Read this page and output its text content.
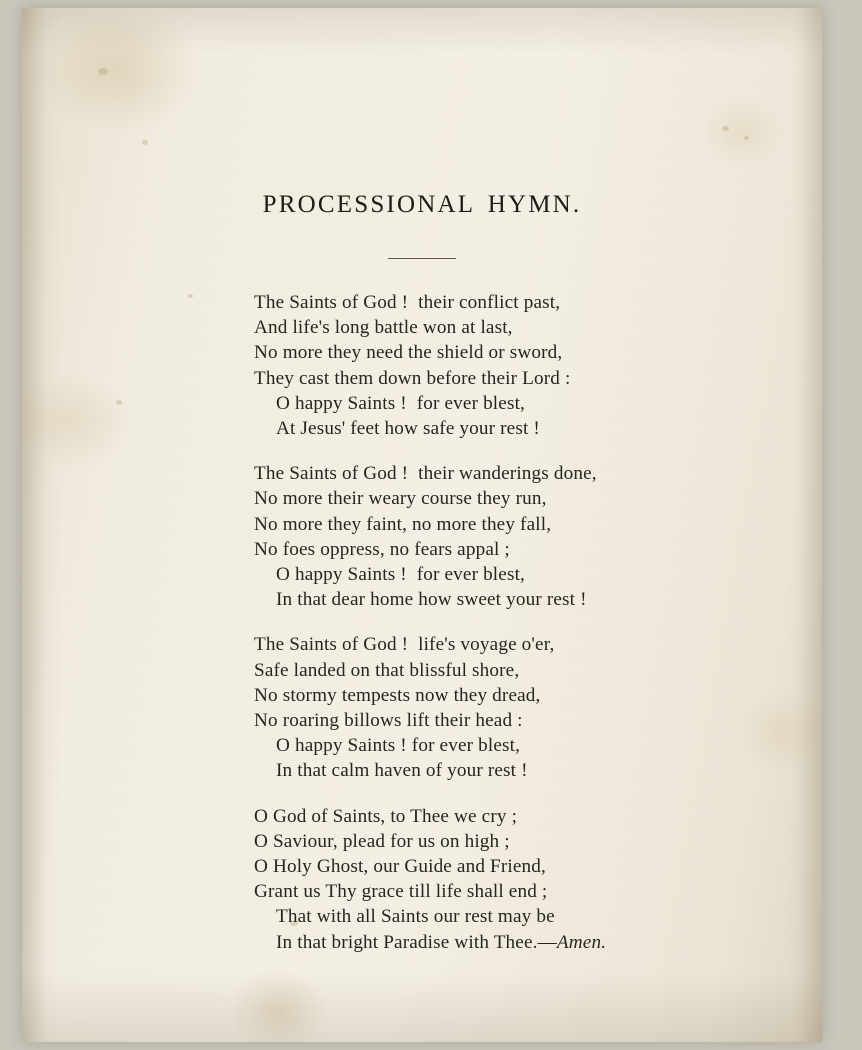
PROCESSIONAL HYMN.
The Saints of God !  their conflict past,
And life's long battle won at last,
No more they need the shield or sword,
They cast them down before their Lord :
O happy Saints !  for ever blest,
At Jesus' feet how safe your rest !
The Saints of God !  their wanderings done,
No more their weary course they run,
No more they faint, no more they fall,
No foes oppress, no fears appal ;
O happy Saints !  for ever blest,
In that dear home how sweet your rest !
The Saints of God !  life's voyage o'er,
Safe landed on that blissful shore,
No stormy tempests now they dread,
No roaring billows lift their head :
O happy Saints ! for ever blest,
In that calm haven of your rest !
O God of Saints, to Thee we cry ;
O Saviour, plead for us on high ;
O Holy Ghost, our Guide and Friend,
Grant us Thy grace till life shall end ;
That with all Saints our rest may be
In that bright Paradise with Thee.—Amen.
